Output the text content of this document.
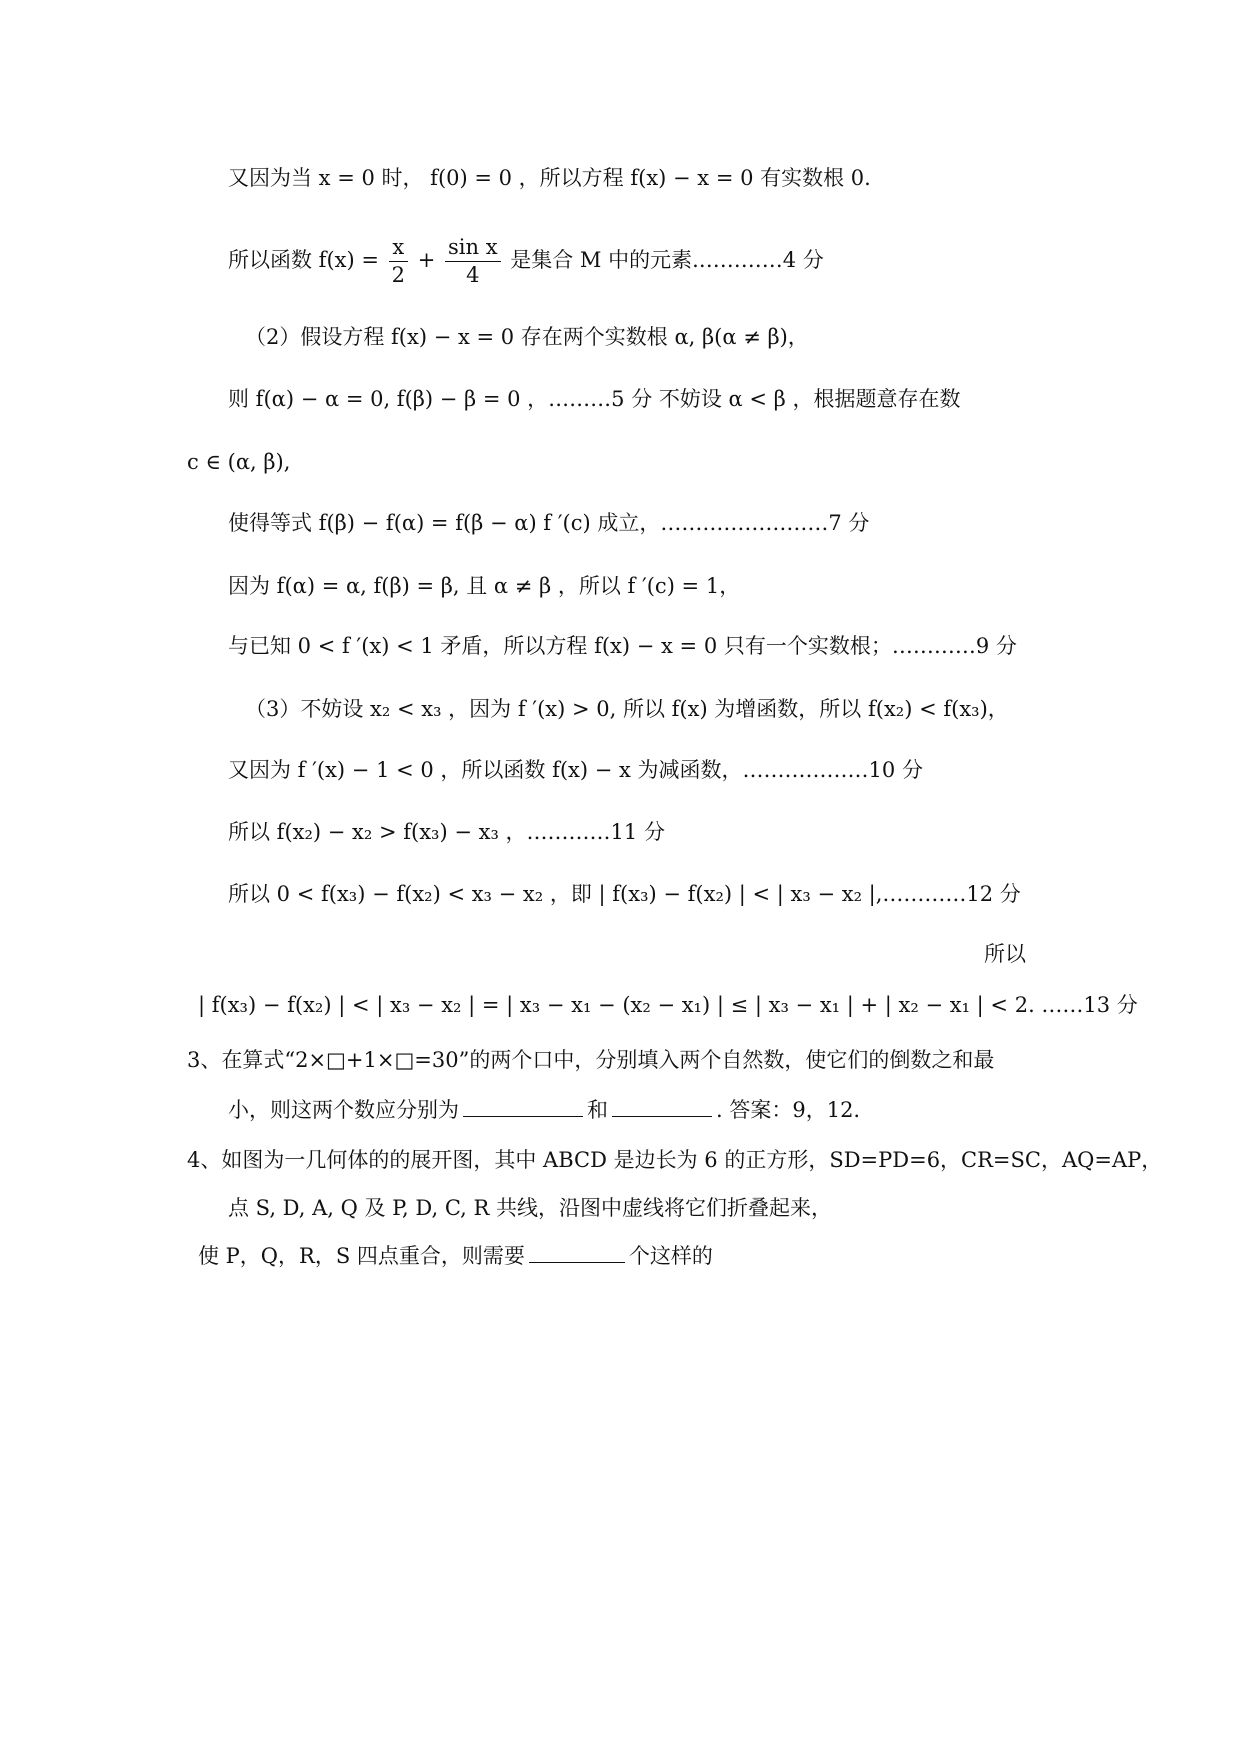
又因为当 x = 0 时， f(0) = 0 ，所以方程 f(x) − x = 0 有实数根 0.
所以函数 $f(x) = \frac{x}{2} + \frac{\text{sin x}}{4}$ 是集合 M 中的元素.…………4 分
（2）假设方程 f(x) − x = 0 存在两个实数根 α, β(α ≠ β)，
则 f(α) − α = 0, f(β) − β = 0 ，………5 分 不妨设 α < β ，根据题意存在数
c ∈ (α, β),
使得等式 f(β) − f(α) = f(β − α) f ′(c) 成立，……………………7 分
因为 f(α) = α, f(β) = β, 且 α ≠ β ，所以 f ′(c) = 1，
与已知 0 < f ′(x) < 1 矛盾，所以方程 f(x) − x = 0 只有一个实数根；…………9 分
（3）不妨设 x₂ < x₃ ，因为 f ′(x) > 0, 所以 f(x) 为增函数，所以 f(x₂) < f(x₃)，
又因为 f ′(x) − 1 < 0 ，所以函数 f(x) − x 为减函数，………………10 分
所以 f(x₂) − x₂ > f(x₃) − x₃ ，…………11 分
所以 0 < f(x₃) − f(x₂) < x₃ − x₂ ，即 | f(x₃) − f(x₂) | < | x₃ − x₂ |,…………12 分
所以
| f(x₃) − f(x₂) | < | x₃ − x₂ | = | x₃ − x₁ − (x₂ − x₁) | ≤ | x₃ − x₁ | + | x₂ − x₁ | < 2. ……13 分
3、在算式“2×□+1×□=30”的两个口中，分别填入两个自然数，使它们的倒数之和最
小，则这两个数应分别为	和	. 答案：9，12.
4、如图为一几何体的的展开图，其中 ABCD 是边长为 6 的正方形，SD=PD=6，CR=SC，AQ=AP，
点 S, D, A, Q 及 P, D, C, R 共线，沿图中虚线将它们折叠起来，
使 P，Q，R，S 四点重合，则需要	个这样的
